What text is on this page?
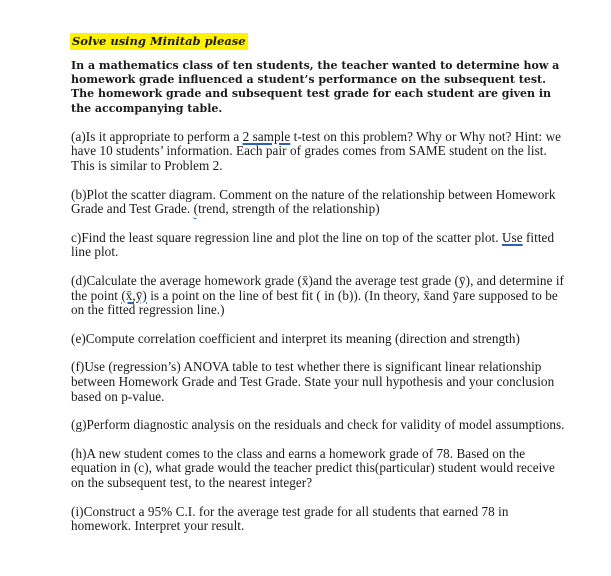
Solve using Minitab please

In a mathematics class of ten students, the teacher wanted to determine how a homework grade influenced a student’s performance on the subsequent test. The homework grade and subsequent test grade for each student are given in the accompanying table.

(a)Is it appropriate to perform a 2 sample t-test on this problem? Why or Why not? Hint: we have 10 students’ information. Each pair of grades comes from SAME student on the list. This is similar to Problem 2.

(b)Plot the scatter diagram. Comment on the nature of the relationship between Homework Grade and Test Grade. (trend, strength of the relationship)

c)Find the least square regression line and plot the line on top of the scatter plot. Use fitted line plot.

(d)Calculate the average homework grade (x̄)and the average test grade (ȳ), and determine if the point (x̄,ȳ) is a point on the line of best fit ( in (b)). (In theory, x̄and ȳare supposed to be on the fitted regression line.)

(e)Compute correlation coefficient and interpret its meaning (direction and strength)

(f)Use (regression’s) ANOVA table to test whether there is significant linear relationship between Homework Grade and Test Grade. State your null hypothesis and your conclusion based on p-value.

(g)Perform diagnostic analysis on the residuals and check for validity of model assumptions.

(h)A new student comes to the class and earns a homework grade of 78. Based on the equation in (c), what grade would the teacher predict this(particular) student would receive on the subsequent test, to the nearest integer?

(i)Construct a 95% C.I. for the average test grade for all students that earned 78 in homework. Interpret your result.
